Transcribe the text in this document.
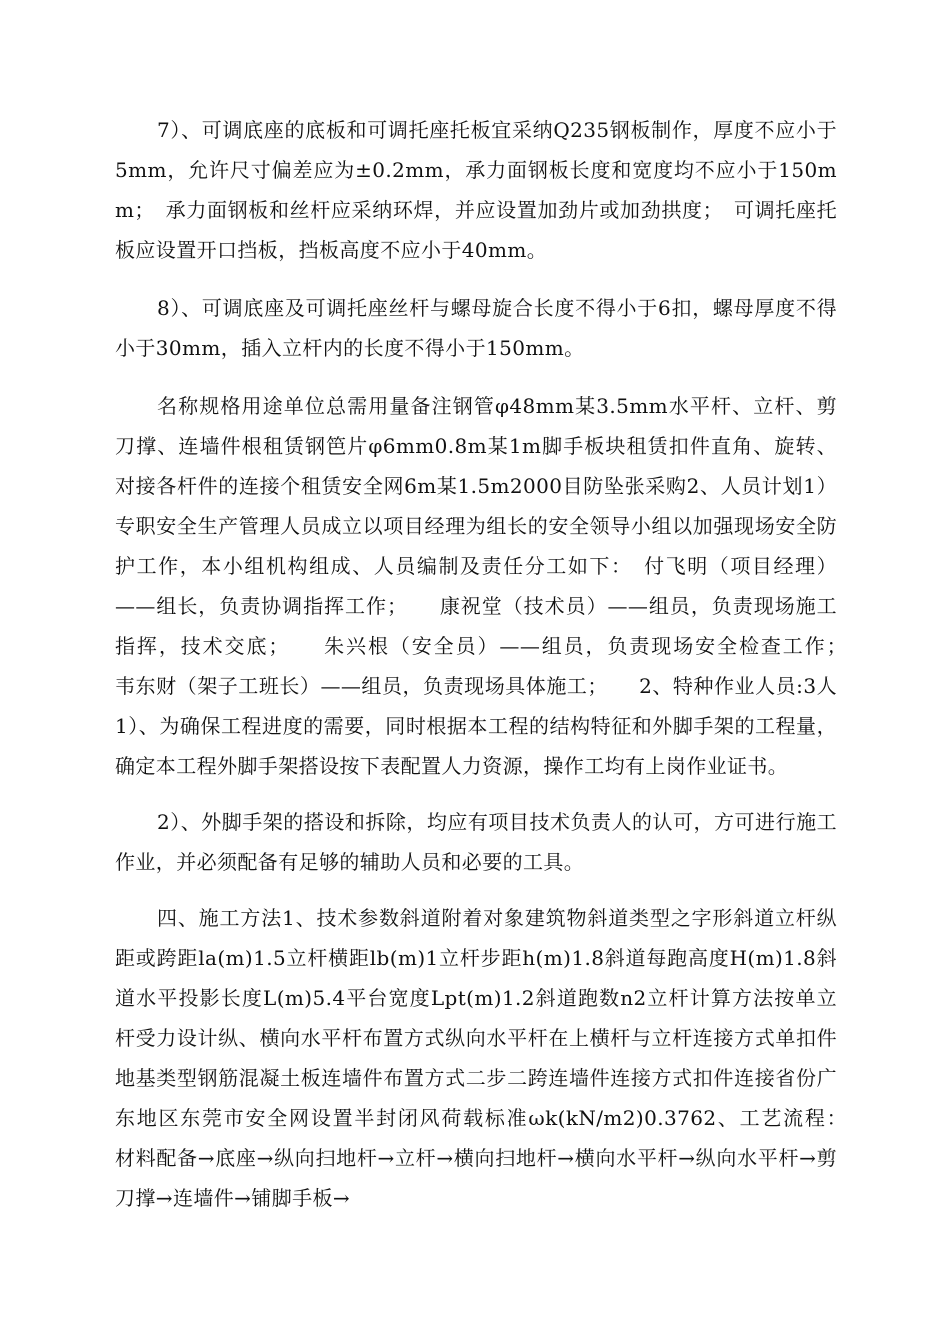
7）、可调底座的底板和可调托座托板宜采纳Q235钢板制作，厚度不应小于5mm，允许尺寸偏差应为±0.2mm，承力面钢板长度和宽度均不应小于150mm；　承力面钢板和丝杆应采纳环焊，并应设置加劲片或加劲拱度；　可调托座托板应设置开口挡板，挡板高度不应小于40mm。

8）、可调底座及可调托座丝杆与螺母旋合长度不得小于6扣，螺母厚度不得小于30mm，插入立杆内的长度不得小于150mm。

名称规格用途单位总需用量备注钢管φ48mm某3.5mm水平杆、立杆、剪刀撑、连墙件根租赁钢笆片φ6mm0.8m某1m脚手板块租赁扣件直角、旋转、对接各杆件的连接个租赁安全网6m某1.5m2000目防坠张采购2、人员计划1）专职安全生产管理人员成立以项目经理为组长的安全领导小组以加强现场安全防护工作，本小组机构组成、人员编制及责任分工如下：　付飞明（项目经理）——组长，负责协调指挥工作；　　康祝堂（技术员）——组员，负责现场施工指挥，技术交底；　　朱兴根（安全员）——组员，负责现场安全检查工作；　　韦东财（架子工班长）——组员，负责现场具体施工；　　2、特种作业人员:3人1）、为确保工程进度的需要，同时根据本工程的结构特征和外脚手架的工程量，确定本工程外脚手架搭设按下表配置人力资源，操作工均有上岗作业证书。

2）、外脚手架的搭设和拆除，均应有项目技术负责人的认可，方可进行施工作业，并必须配备有足够的辅助人员和必要的工具。

四、施工方法1、技术参数斜道附着对象建筑物斜道类型之字形斜道立杆纵距或跨距la(m)1.5立杆横距lb(m)1立杆步距h(m)1.8斜道每跑高度H(m)1.8斜道水平投影长度L(m)5.4平台宽度Lpt(m)1.2斜道跑数n2立杆计算方法按单立杆受力设计纵、横向水平杆布置方式纵向水平杆在上横杆与立杆连接方式单扣件地基类型钢筋混凝土板连墙件布置方式二步二跨连墙件连接方式扣件连接省份广东地区东莞市安全网设置半封闭风荷载标准ωk(kN/m2)0.3762、工艺流程：　材料配备→底座→纵向扫地杆→立杆→横向扫地杆→横向水平杆→纵向水平杆→剪刀撑→连墙件→铺脚手板→
